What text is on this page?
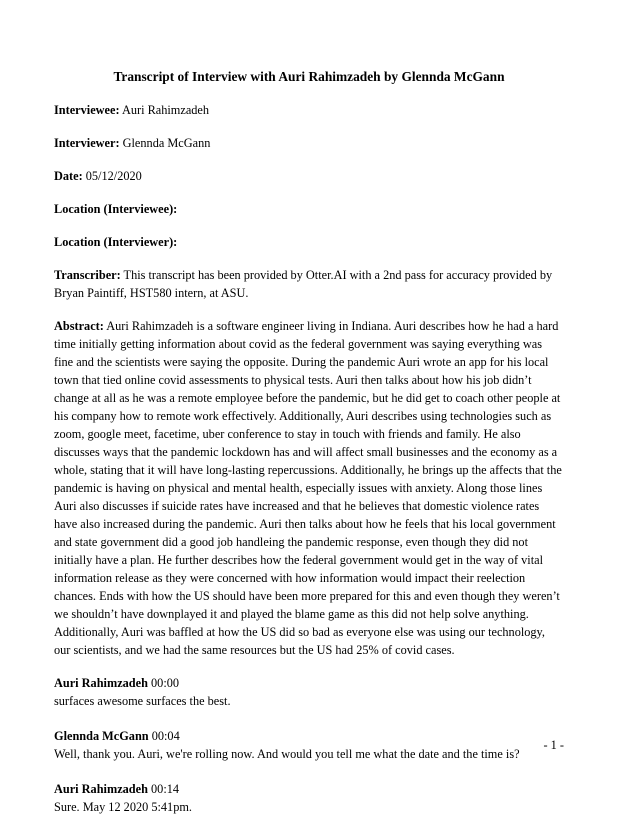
Transcript of Interview with Auri Rahimzadeh by Glennda McGann
Interviewee: Auri Rahimzadeh
Interviewer: Glennda McGann
Date: 05/12/2020
Location (Interviewee):
Location (Interviewer):
Transcriber: This transcript has been provided by Otter.AI with a 2nd pass for accuracy provided by Bryan Paintiff, HST580 intern, at ASU.
Abstract: Auri Rahimzadeh is a software engineer living in Indiana. Auri describes how he had a hard time initially getting information about covid as the federal government was saying everything was fine and the scientists were saying the opposite. During the pandemic Auri wrote an app for his local town that tied online covid assessments to physical tests. Auri then talks about how his job didn’t change at all as he was a remote employee before the pandemic, but he did get to coach other people at his company how to remote work effectively. Additionally, Auri describes using technologies such as zoom, google meet, facetime, uber conference to stay in touch with friends and family. He also discusses ways that the pandemic lockdown has and will affect small businesses and the economy as a whole, stating that it will have long-lasting repercussions. Additionally, he brings up the affects that the pandemic is having on physical and mental health, especially issues with anxiety. Along those lines Auri also discusses if suicide rates have increased and that he believes that domestic violence rates have also increased during the pandemic. Auri then talks about how he feels that his local government and state government did a good job handleing the pandemic response, even though they did not initially have a plan. He further describes how the federal government would get in the way of vital information release as they were concerned with how information would impact their reelection chances. Ends with how the US should have been more prepared for this and even though they weren’t we shouldn’t have downplayed it and played the blame game as this did not help solve anything. Additionally, Auri was baffled at how the US did so bad as everyone else was using our technology, our scientists, and we had the same resources but the US had 25% of covid cases.
Auri Rahimzadeh 00:00
surfaces awesome surfaces the best.
Glennda McGann 00:04
Well, thank you. Auri, we're rolling now. And would you tell me what the date and the time is?
Auri Rahimzadeh 00:14
Sure. May 12 2020 5:41pm.
- 1 -
